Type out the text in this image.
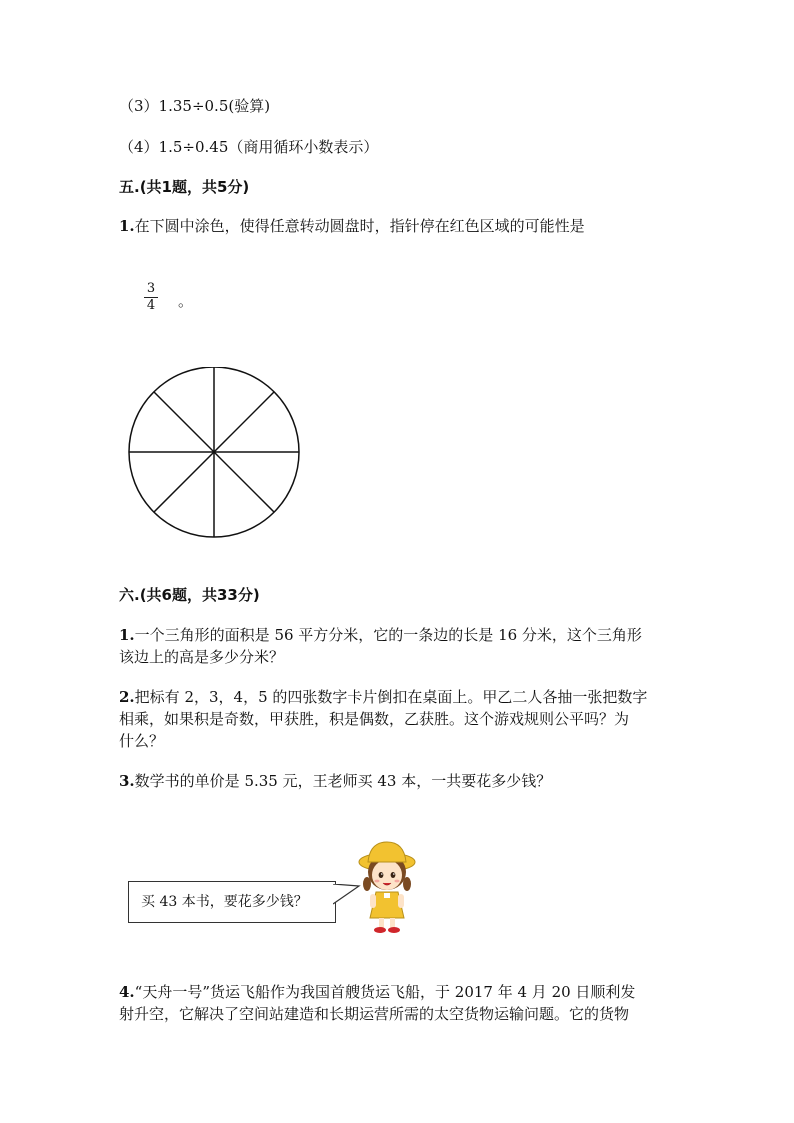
（3）1.35÷0.5(验算)
（4）1.5÷0.45（商用循环小数表示）
五.(共1题，共5分)
1.在下圆中涂色，使得任意转动圆盘时，指针停在红色区域的可能性是
$\frac{3}{4}$ 。
六.(共6题，共33分)
1.一个三角形的面积是 56 平方分米，它的一条边的长是 16 分米，这个三角形
该边上的高是多少分米？
2.把标有 2，3，4，5 的四张数字卡片倒扣在桌面上。甲乙二人各抽一张把数字
相乘，如果积是奇数，甲获胜，积是偶数，乙获胜。这个游戏规则公平吗？为
什么？
3.数学书的单价是 5.35 元，王老师买 43 本，一共要花多少钱？
买 43 本书，要花多少钱？
4.“天舟一号”货运飞船作为我国首艘货运飞船，于 2017 年 4 月 20 日顺利发
射升空，它解决了空间站建造和长期运营所需的太空货物运输问题。它的货物
